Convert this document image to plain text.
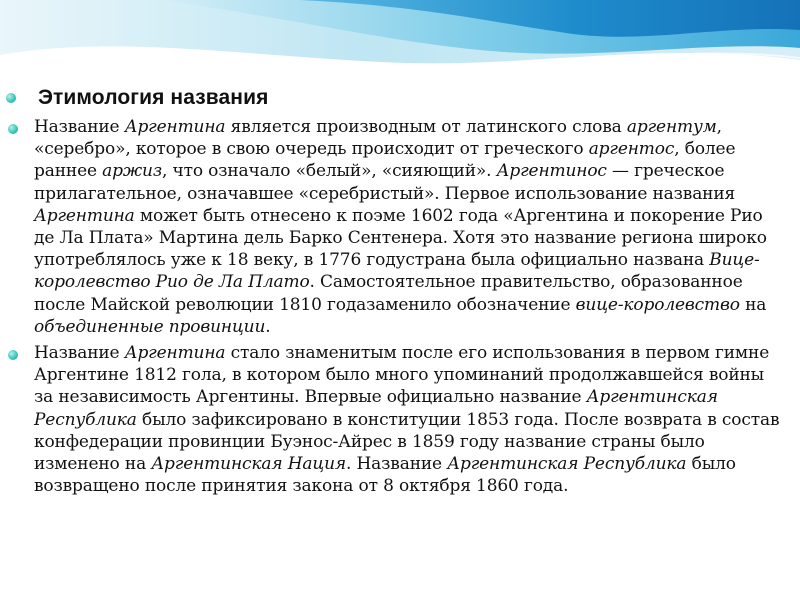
Этимология названия
Название Аргентина является производным от латинского слова аргентум, «серебро», которое в свою очередь происходит от греческого аргентос, более раннее аржиз, что означало «белый», «сияющий». Аргентинос — греческое прилагательное, означавшее «серебристый». Первое использование названия Аргентина может быть отнесено к поэме 1602 года «Аргентина и покорение Рио де Ла Плата» Мартина дель Барко Сентенера. Хотя это название региона широко употреблялось уже к 18 веку, в 1776 годустрана была официально названа Вице-королевство Рио де Ла Плато. Самостоятельное правительство, образованное после Майской революции 1810 годазаменило обозначение вице-королевство на объединенные провинции.
Название Аргентина стало знаменитым после его использования в первом гимне Аргентине 1812 гола, в котором было много упоминаний продолжавшейся войны за независимость Аргентины. Впервые официально название Аргентинская Республика было зафиксировано в конституции 1853 года. После возврата в состав конфедерации провинции Буэнос-Айрес в 1859 году название страны было изменено на Аргентинская Нация. Название Аргентинская Республика было возвращено после принятия закона от 8 октября 1860 года.
